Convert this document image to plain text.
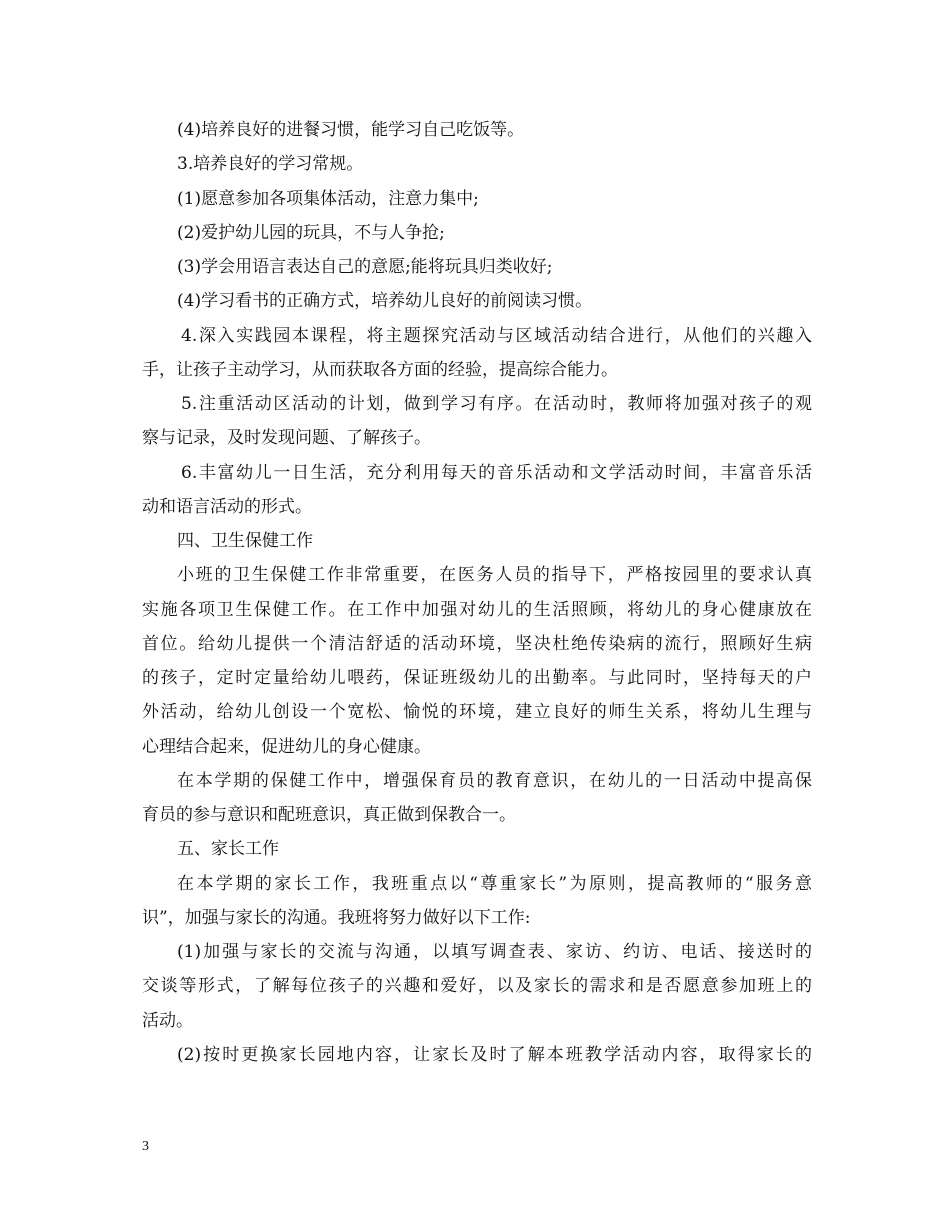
(4)培养良好的进餐习惯，能学习自己吃饭等。
3.培养良好的学习常规。
(1)愿意参加各项集体活动，注意力集中;
(2)爱护幼儿园的玩具，不与人争抢;
(3)学会用语言表达自己的意愿;能将玩具归类收好;
(4)学习看书的正确方式，培养幼儿良好的前阅读习惯。
4.深入实践园本课程，将主题探究活动与区域活动结合进行，从他们的兴趣入
手，让孩子主动学习，从而获取各方面的经验，提高综合能力。
5.注重活动区活动的计划，做到学习有序。在活动时，教师将加强对孩子的观
察与记录，及时发现问题、了解孩子。
6.丰富幼儿一日生活，充分利用每天的音乐活动和文学活动时间，丰富音乐活
动和语言活动的形式。
四、卫生保健工作
小班的卫生保健工作非常重要，在医务人员的指导下，严格按园里的要求认真
实施各项卫生保健工作。在工作中加强对幼儿的生活照顾，将幼儿的身心健康放在
首位。给幼儿提供一个清洁舒适的活动环境，坚决杜绝传染病的流行，照顾好生病
的孩子，定时定量给幼儿喂药，保证班级幼儿的出勤率。与此同时，坚持每天的户
外活动，给幼儿创设一个宽松、愉悦的环境，建立良好的师生关系，将幼儿生理与
心理结合起来，促进幼儿的身心健康。
在本学期的保健工作中，增强保育员的教育意识，在幼儿的一日活动中提高保
育员的参与意识和配班意识，真正做到保教合一。
五、家长工作
在本学期的家长工作，我班重点以“尊重家长”为原则，提高教师的“服务意
识”，加强与家长的沟通。我班将努力做好以下工作:
(1)加强与家长的交流与沟通，以填写调查表、家访、约访、电话、接送时的
交谈等形式，了解每位孩子的兴趣和爱好，以及家长的需求和是否愿意参加班上的
活动。
(2)按时更换家长园地内容，让家长及时了解本班教学活动内容，取得家长的
3
